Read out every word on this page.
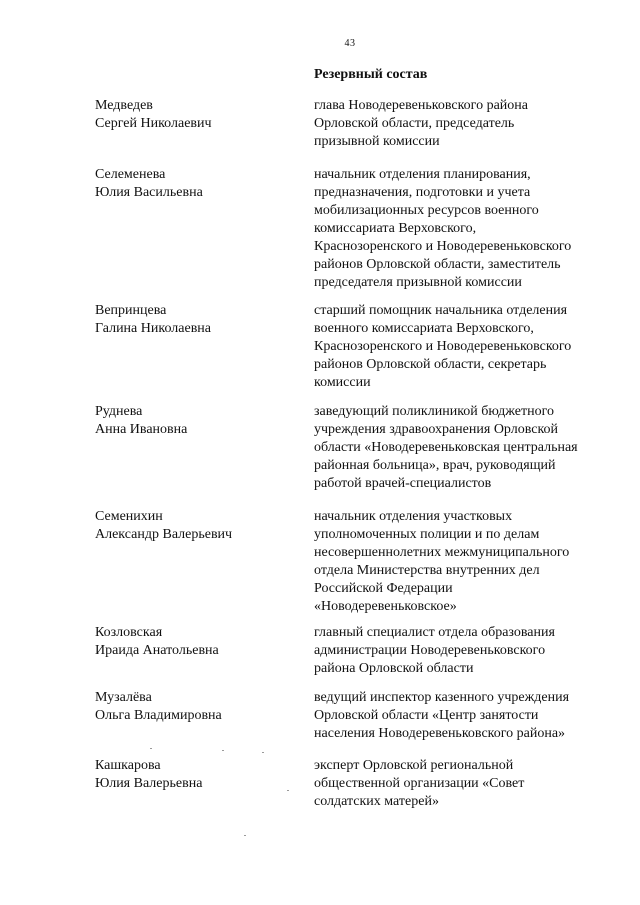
43
Резервный состав
Медведев
Сергей Николаевич
глава Новодеревеньковского района
Орловской области, председатель
призывной комиссии
Селеменева
Юлия Васильевна
начальник отделения планирования,
предназначения, подготовки и учета
мобилизационных ресурсов военного
комиссариата Верховского,
Краснозоренского и Новодеревеньковского
районов Орловской области, заместитель
председателя призывной комиссии
Вепринцева
Галина Николаевна
старший помощник начальника отделения
военного комиссариата Верховского,
Краснозоренского и Новодеревеньковского
районов Орловской области, секретарь
комиссии
Руднева
Анна Ивановна
заведующий поликлиникой бюджетного
учреждения здравоохранения Орловской
области «Новодеревеньковская центральная
районная больница», врач, руководящий
работой врачей-специалистов
Семенихин
Александр Валерьевич
начальник отделения участковых
уполномоченных полиции и по делам
несовершеннолетних межмуниципального
отдела Министерства внутренних дел
Российской Федерации
«Новодеревеньковское»
Козловская
Ираида Анатольевна
главный специалист отдела образования
администрации Новодеревеньковского
района Орловской области
Музалёва
Ольга Владимировна
ведущий инспектор казенного учреждения
Орловской области «Центр занятости
населения Новодеревеньковского района»
Кашкарова
Юлия Валерьевна
эксперт Орловской региональной
общественной организации «Совет
солдатских матерей»
